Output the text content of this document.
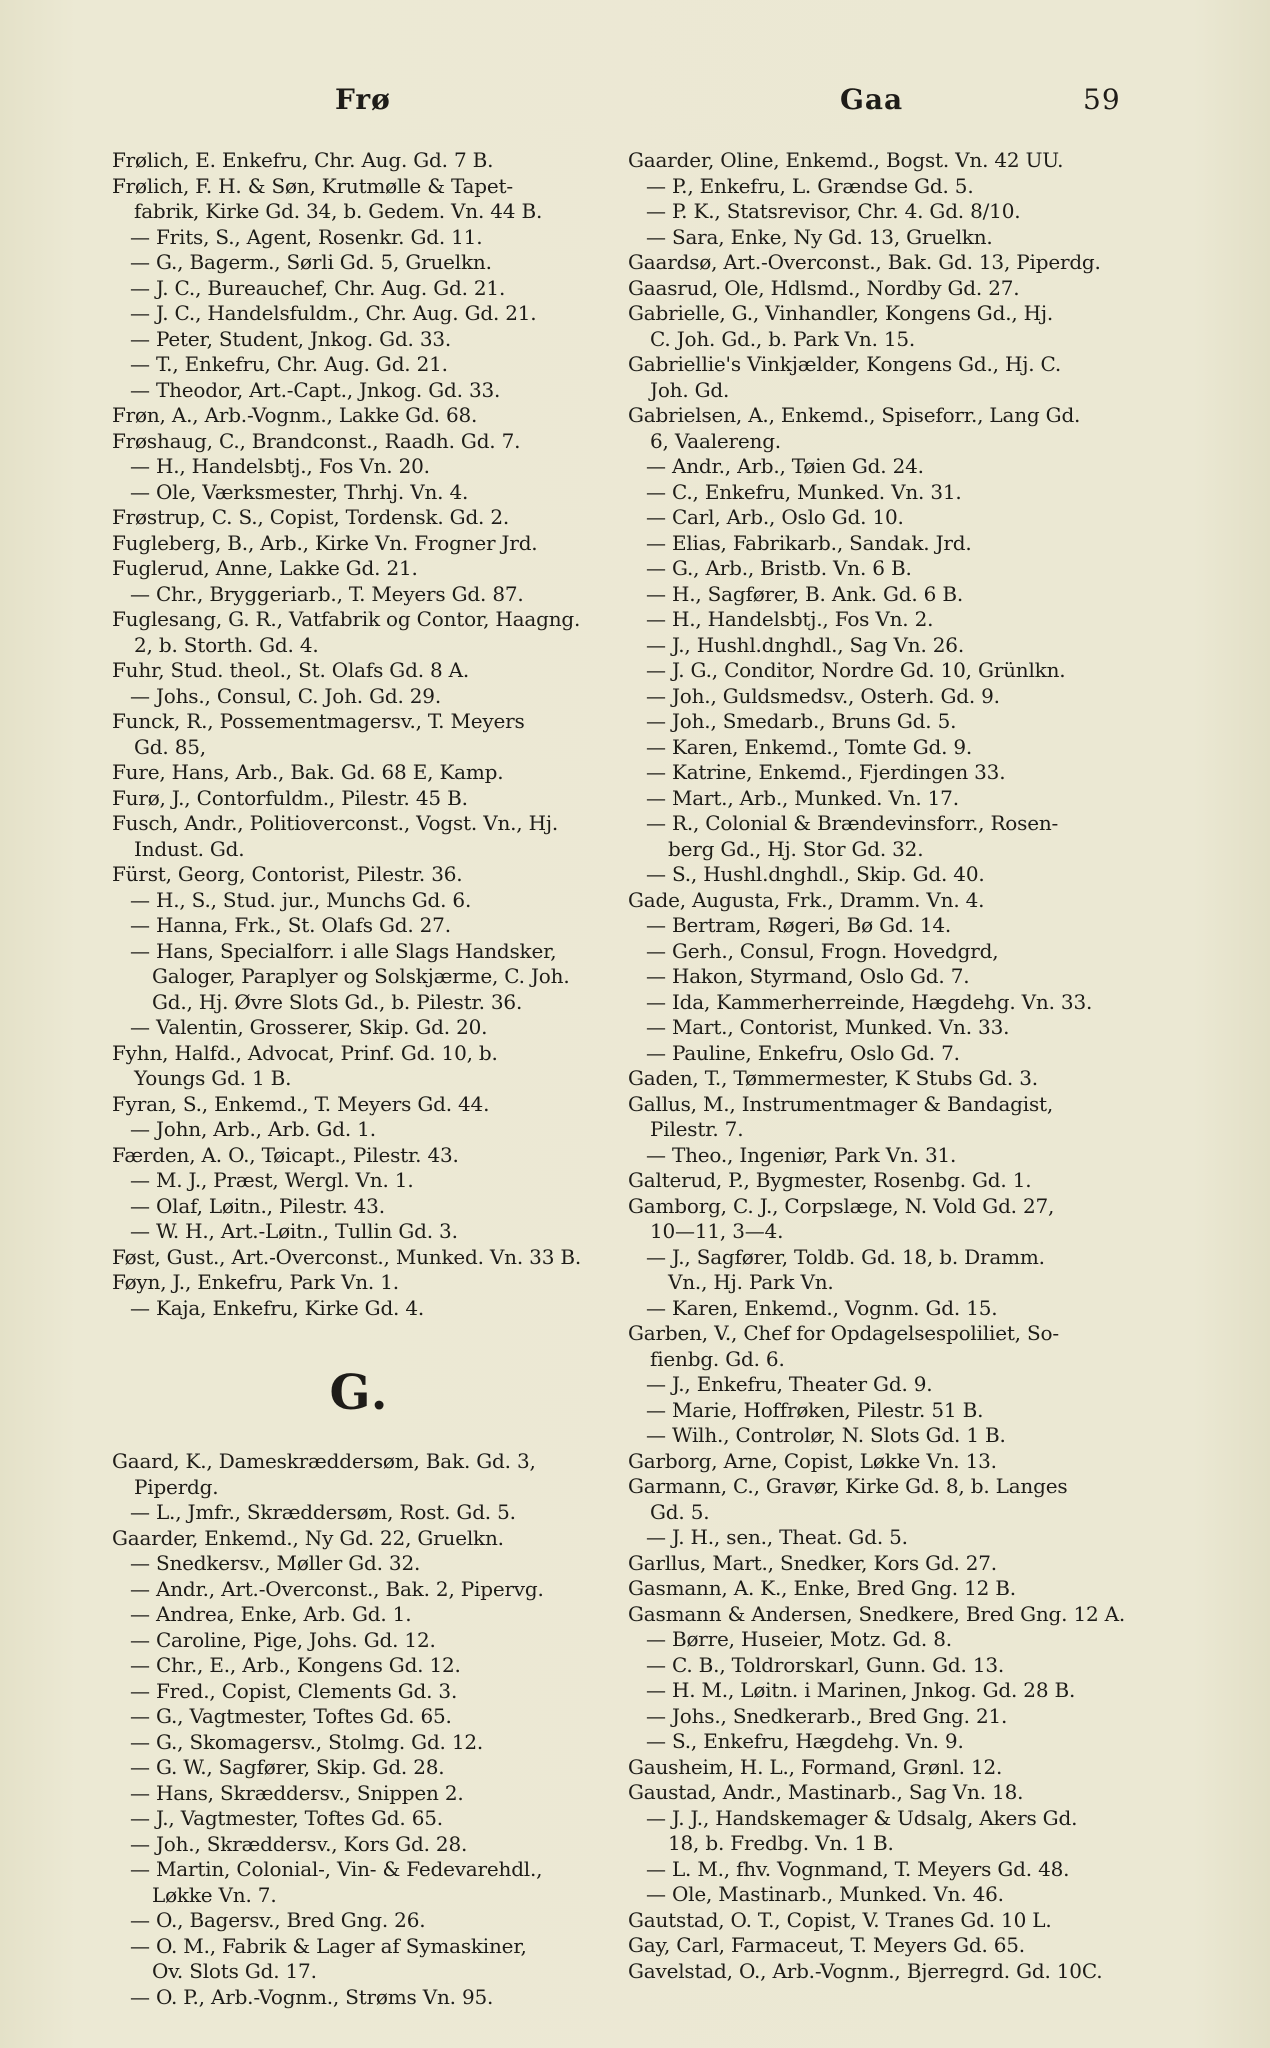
Frø	Gaa	59
Frølich, E. Enkefru, Chr. Aug. Gd. 7 B.
Frølich, F. H. & Søn, Krutmølle & Tapet-
fabrik, Kirke Gd. 34, b. Gedem. Vn. 44 B.
— Frits, S., Agent, Rosenkr. Gd. 11.
— G., Bagerm., Sørli Gd. 5, Gruelkn.
— J. C., Bureauchef, Chr. Aug. Gd. 21.
— J. C., Handelsfuldm., Chr. Aug. Gd. 21.
— Peter, Student, Jnkog. Gd. 33.
— T., Enkefru, Chr. Aug. Gd. 21.
— Theodor, Art.-Capt., Jnkog. Gd. 33.
Frøn, A., Arb.-Vognm., Lakke Gd. 68.
Frøshaug, C., Brandconst., Raadh. Gd. 7.
— H., Handelsbtj., Fos Vn. 20.
— Ole, Værksmester, Thrhj. Vn. 4.
Frøstrup, C. S., Copist, Tordensk. Gd. 2.
Fugleberg, B., Arb., Kirke Vn. Frogner Jrd.
Fuglerud, Anne, Lakke Gd. 21.
— Chr., Bryggeriarb., T. Meyers Gd. 87.
Fuglesang, G. R., Vatfabrik og Contor, Haagng.
2, b. Storth. Gd. 4.
Fuhr, Stud. theol., St. Olafs Gd. 8 A.
— Johs., Consul, C. Joh. Gd. 29.
Funck, R., Possementmagersv., T. Meyers
Gd. 85,
Fure, Hans, Arb., Bak. Gd. 68 E, Kamp.
Furø, J., Contorfuldm., Pilestr. 45 B.
Fusch, Andr., Politioverconst., Vogst. Vn., Hj.
Indust. Gd.
Fürst, Georg, Contorist, Pilestr. 36.
— H., S., Stud. jur., Munchs Gd. 6.
— Hanna, Frk., St. Olafs Gd. 27.
— Hans, Specialforr. i alle Slags Handsker,
Galoger, Paraplyer og Solskjærme, C. Joh.
Gd., Hj. Øvre Slots Gd., b. Pilestr. 36.
— Valentin, Grosserer, Skip. Gd. 20.
Fyhn, Halfd., Advocat, Prinf. Gd. 10, b.
Youngs Gd. 1 B.
Fyran, S., Enkemd., T. Meyers Gd. 44.
— John, Arb., Arb. Gd. 1.
Færden, A. O., Tøicapt., Pilestr. 43.
— M. J., Præst, Wergl. Vn. 1.
— Olaf, Løitn., Pilestr. 43.
— W. H., Art.-Løitn., Tullin Gd. 3.
Føst, Gust., Art.-Overconst., Munked. Vn. 33 B.
Føyn, J., Enkefru, Park Vn. 1.
— Kaja, Enkefru, Kirke Gd. 4.
G.
Gaard, K., Dameskræddersøm, Bak. Gd. 3,
Piperdg.
— L., Jmfr., Skræddersøm, Rost. Gd. 5.
Gaarder, Enkemd., Ny Gd. 22, Gruelkn.
— Snedkersv., Møller Gd. 32.
— Andr., Art.-Overconst., Bak. 2, Pipervg.
— Andrea, Enke, Arb. Gd. 1.
— Caroline, Pige, Johs. Gd. 12.
— Chr., E., Arb., Kongens Gd. 12.
— Fred., Copist, Clements Gd. 3.
— G., Vagtmester, Toftes Gd. 65.
— G., Skomagersv., Stolmg. Gd. 12.
— G. W., Sagfører, Skip. Gd. 28.
— Hans, Skræddersv., Snippen 2.
— J., Vagtmester, Toftes Gd. 65.
— Joh., Skræddersv., Kors Gd. 28.
— Martin, Colonial-, Vin- & Fedevarehdl.,
Løkke Vn. 7.
— O., Bagersv., Bred Gng. 26.
— O. M., Fabrik & Lager af Symaskiner,
Ov. Slots Gd. 17.
— O. P., Arb.-Vognm., Strøms Vn. 95.
Gaarder, Oline, Enkemd., Bogst. Vn. 42 UU.
— P., Enkefru, L. Grændse Gd. 5.
— P. K., Statsrevisor, Chr. 4. Gd. 8/10.
— Sara, Enke, Ny Gd. 13, Gruelkn.
Gaardsø, Art.-Overconst., Bak. Gd. 13, Piperdg.
Gaasrud, Ole, Hdlsmd., Nordby Gd. 27.
Gabrielle, G., Vinhandler, Kongens Gd., Hj.
C. Joh. Gd., b. Park Vn. 15.
Gabriellie's Vinkjælder, Kongens Gd., Hj. C.
Joh. Gd.
Gabrielsen, A., Enkemd., Spiseforr., Lang Gd.
6, Vaalereng.
— Andr., Arb., Tøien Gd. 24.
— C., Enkefru, Munked. Vn. 31.
— Carl, Arb., Oslo Gd. 10.
— Elias, Fabrikarb., Sandak. Jrd.
— G., Arb., Bristb. Vn. 6 B.
— H., Sagfører, B. Ank. Gd. 6 B.
— H., Handelsbtj., Fos Vn. 2.
— J., Hushl.dnghdl., Sag Vn. 26.
— J. G., Conditor, Nordre Gd. 10, Grünlkn.
— Joh., Guldsmedsv., Osterh. Gd. 9.
— Joh., Smedarb., Bruns Gd. 5.
— Karen, Enkemd., Tomte Gd. 9.
— Katrine, Enkemd., Fjerdingen 33.
— Mart., Arb., Munked. Vn. 17.
— R., Colonial & Brændevinsforr., Rosen-
berg Gd., Hj. Stor Gd. 32.
— S., Hushl.dnghdl., Skip. Gd. 40.
Gade, Augusta, Frk., Dramm. Vn. 4.
— Bertram, Røgeri, Bø Gd. 14.
— Gerh., Consul, Frogn. Hovedgrd,
— Hakon, Styrmand, Oslo Gd. 7.
— Ida, Kammerherreinde, Hægdehg. Vn. 33.
— Mart., Contorist, Munked. Vn. 33.
— Pauline, Enkefru, Oslo Gd. 7.
Gaden, T., Tømmermester, K Stubs Gd. 3.
Gallus, M., Instrumentmager & Bandagist,
Pilestr. 7.
— Theo., Ingeniør, Park Vn. 31.
Galterud, P., Bygmester, Rosenbg. Gd. 1.
Gamborg, C. J., Corpslæge, N. Vold Gd. 27,
10—11, 3—4.
— J., Sagfører, Toldb. Gd. 18, b. Dramm.
Vn., Hj. Park Vn.
— Karen, Enkemd., Vognm. Gd. 15.
Garben, V., Chef for Opdagelsespoliliet, So-
fienbg. Gd. 6.
— J., Enkefru, Theater Gd. 9.
— Marie, Hoffrøken, Pilestr. 51 B.
— Wilh., Controlør, N. Slots Gd. 1 B.
Garborg, Arne, Copist, Løkke Vn. 13.
Garmann, C., Gravør, Kirke Gd. 8, b. Langes
Gd. 5.
— J. H., sen., Theat. Gd. 5.
Garllus, Mart., Snedker, Kors Gd. 27.
Gasmann, A. K., Enke, Bred Gng. 12 B.
Gasmann & Andersen, Snedkere, Bred Gng. 12 A.
— Børre, Huseier, Motz. Gd. 8.
— C. B., Toldrorskarl, Gunn. Gd. 13.
— H. M., Løitn. i Marinen, Jnkog. Gd. 28 B.
— Johs., Snedkerarb., Bred Gng. 21.
— S., Enkefru, Hægdehg. Vn. 9.
Gausheim, H. L., Formand, Grønl. 12.
Gaustad, Andr., Mastinarb., Sag Vn. 18.
— J. J., Handskemager & Udsalg, Akers Gd.
18, b. Fredbg. Vn. 1 B.
— L. M., fhv. Vognmand, T. Meyers Gd. 48.
— Ole, Mastinarb., Munked. Vn. 46.
Gautstad, O. T., Copist, V. Tranes Gd. 10 L.
Gay, Carl, Farmaceut, T. Meyers Gd. 65.
Gavelstad, O., Arb.-Vognm., Bjerregrd. Gd. 10C.
